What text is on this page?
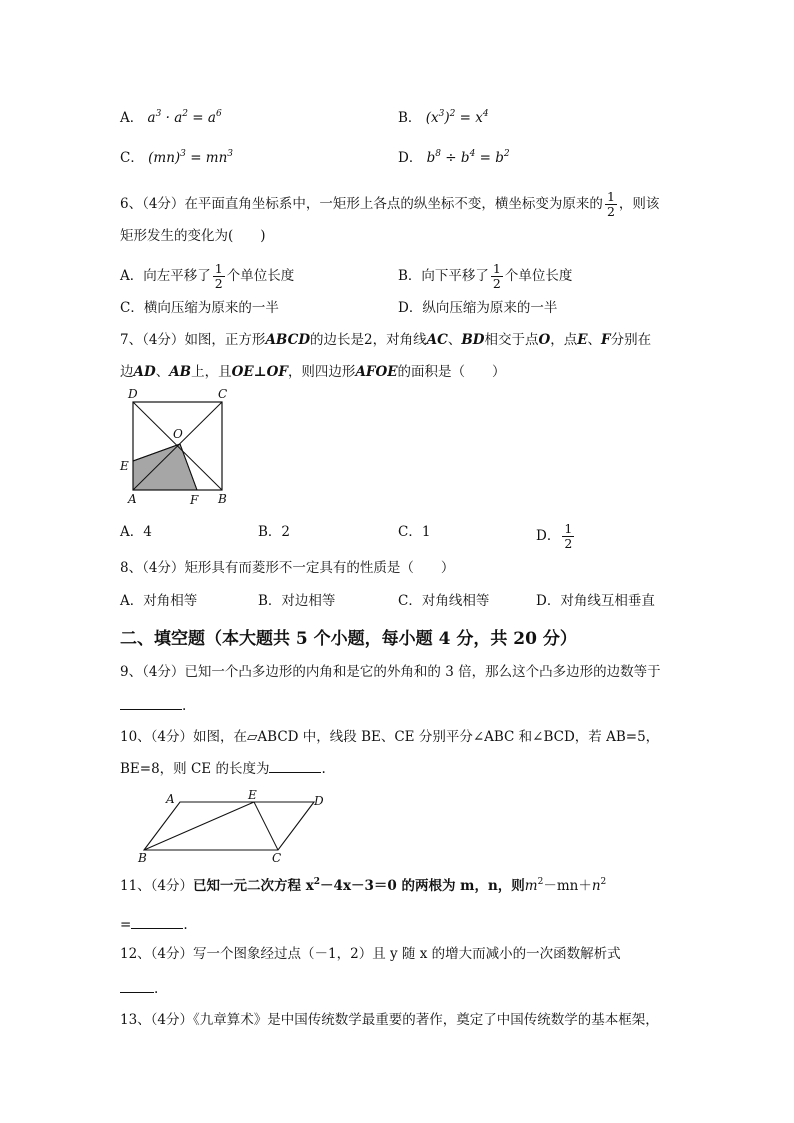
A． $a^3 \cdot a^2 = a^6$	B． $(x^3)^2 = x^4$
C． $(mn)^3 = mn^3$	D． $b^8 \div b^4 = b^2$
6、（4分）在平面直角坐标系中，一矩形上各点的纵坐标不变，横坐标变为原来的 $\frac{1}{2}$ ，则该
矩形发生的变化为(　　)
A．向左平移了 $\frac{1}{2}$ 个单位长度	B．向下平移了 $\frac{1}{2}$ 个单位长度
C．横向压缩为原来的一半	D．纵向压缩为原来的一半
7、（4分）如图，正方形ABCD的边长是2，对角线AC、BD相交于点O，点E、F分别在
边AD、AB上，且OE⊥OF，则四边形AFOE的面积是（　　）
D	C
O
E
A	F B
A．4	B．2	C．1	D． $\frac{1}{2}$
8、（4分）矩形具有而菱形不一定具有的性质是（　　）
A．对角相等	B．对边相等	C．对角线相等	D．对角线互相垂直
二、填空题（本大题共 5 个小题，每小题 4 分，共 20 分）
9、（4分）已知一个凸多边形的内角和是它的外角和的 3 倍，那么这个凸多边形的边数等于
.
10、（4分）如图，在▱ABCD 中，线段 BE、CE 分别平分∠ABC 和∠BCD，若 AB=5，
BE=8，则 CE 的长度为	.
A	E	D
B	C
11、（4分）已知一元二次方程 $x^2-4x-3=0$ 的两根为 m，n，则$m^2-mn+n^2$
=	.
12、（4分）写一个图象经过点（－1，2）且 y 随 x 的增大而减小的一次函数解析式
.
13、（4分）《九章算术》是中国传统数学最重要的著作，奠定了中国传统数学的基本框架，
